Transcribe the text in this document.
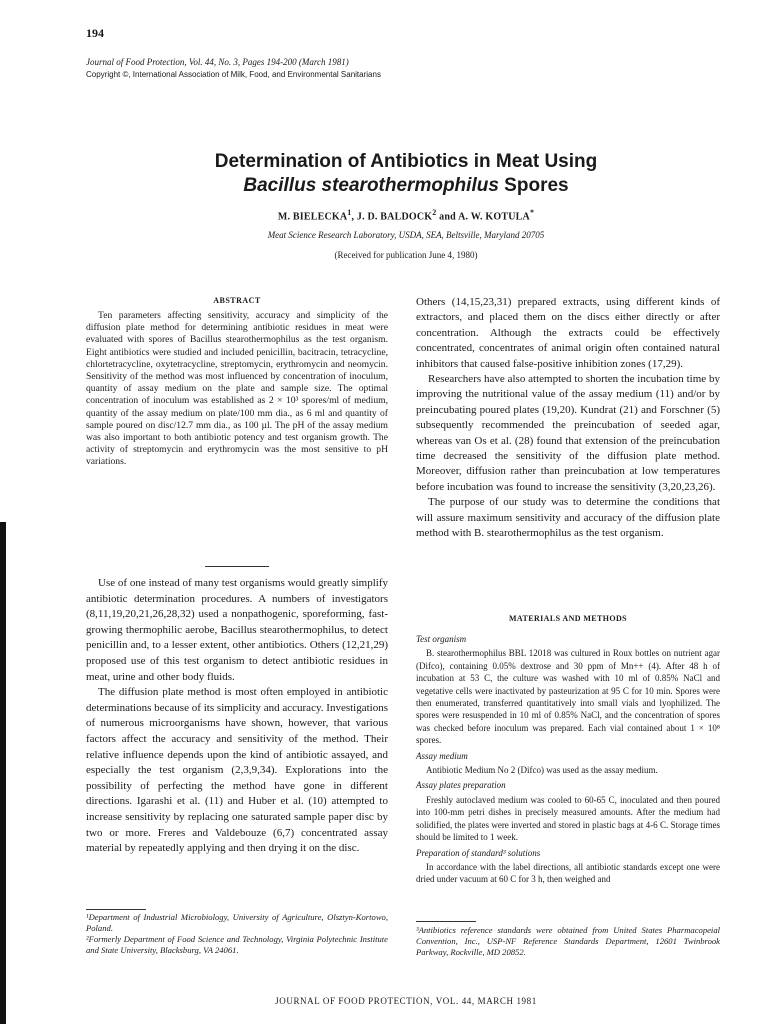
194
Journal of Food Protection, Vol. 44, No. 3, Pages 194-200 (March 1981)
Copyright ©, International Association of Milk, Food, and Environmental Sanitarians
Determination of Antibiotics in Meat Using
Bacillus stearothermophilus Spores
M. BIELECKA$^1$, J. D. BALDOCK$^2$ and A. W. KOTULA*
Meat Science Research Laboratory, USDA, SEA, Beltsville, Maryland 20705
(Received for publication June 4, 1980)
ABSTRACT
Ten parameters affecting sensitivity, accuracy and simplicity of the diffusion plate method for determining antibiotic residues in meat were evaluated with spores of Bacillus stearothermophilus as the test organism. Eight antibiotics were studied and included penicillin, bacitracin, tetracycline, chlortetracycline, oxytetracycline, streptomycin, erythromycin and neomycin. Sensitivity of the method was most influenced by concentration of inoculum, quantity of assay medium on the plate and sample size. The optimal concentration of inoculum was established as 2 × 10³ spores/ml of medium, quantity of the assay medium on plate/100 mm dia., as 6 ml and quantity of sample poured on disc/12.7 mm dia., as 100 µl. The pH of the assay medium was also important to both antibiotic potency and test organism growth. The activity of streptomycin and erythromycin was the most sensitive to pH variations.

Use of one instead of many test organisms would greatly simplify antibiotic determination procedures. A numbers of investigators (8,11,19,20,21,26,28,32) used a nonpathogenic, sporeforming, fast-growing thermophilic aerobe, Bacillus stearothermophilus, to detect penicillin and, to a lesser extent, other antibiotics. Others (12,21,29) proposed use of this test organism to detect antibiotic residues in meat, urine and other body fluids.

The diffusion plate method is most often employed in antibiotic determinations because of its simplicity and accuracy. Investigations of numerous microorganisms have shown, however, that various factors affect the accuracy and sensitivity of the method. Their relative influence depends upon the kind of antibiotic assayed, and especially the test organism (2,3,9,34). Explorations into the possibility of perfecting the method have gone in different directions. Igarashi et al. (11) and Huber et al. (10) attempted to increase sensitivity by replacing one saturated sample paper disc by two or more. Freres and Valdebouze (6,7) concentrated assay material by repeatedly applying and then drying it on the disc.

Others (14,15,23,31) prepared extracts, using different kinds of extractors, and placed them on the discs either directly or after concentration. Although the extracts could be effectively concentrated, concentrates of animal origin often contained natural inhibitors that caused false-positive inhibition zones (17,29).

Researchers have also attempted to shorten the incubation time by improving the nutritional value of the assay medium (11) and/or by preincubating poured plates (19,20). Kundrat (21) and Forschner (5) subsequently recommended the preincubation of seeded agar, whereas van Os et al. (28) found that extension of the preincubation time decreased the sensitivity of the diffusion plate method. Moreover, diffusion rather than preincubation at low temperatures before incubation was found to increase the sensitivity (3,20,23,26).

The purpose of our study was to determine the conditions that will assure maximum sensitivity and accuracy of the diffusion plate method with B. stearothermophilus as the test organism.

MATERIALS AND METHODS
Test organism

B. stearothermophilus BBL 12018 was cultured in Roux bottles on nutrient agar (Difco), containing 0.05% dextrose and 30 ppm of Mn++ (4). After 48 h of incubation at 53 C, the culture was washed with 10 ml of 0.85% NaCl and vegetative cells were inactivated by pasteurization at 95 C for 10 min. Spores were then enumerated, transferred quantitatively into small vials and lyophilized. The spores were resuspended in 10 ml of 0.85% NaCl, and the concentration of spores was checked before inoculum was prepared. Each vial contained about 1 × 10⁸ spores.

Assay medium

Antibiotic Medium No 2 (Difco) was used as the assay medium.

Assay plates preparation

Freshly autoclaved medium was cooled to 60-65 C, inoculated and then poured into 100-mm petri dishes in precisely measured amounts. After the medium had solidified, the plates were inverted and stored in plastic bags at 4-6 C. Storage times should be limited to 1 week.

Preparation of standard³ solutions

In accordance with the label directions, all antibiotic standards except one were dried under vacuum at 60 C for 3 h, then weighed and

¹Department of Industrial Microbiology, University of Agriculture, Olsztyn-Kortowo, Poland.

²Formerly Department of Food Science and Technology, Virginia Polytechnic Institute and State University, Blacksburg, VA 24061.

³Antibiotics reference standards were obtained from United States Pharmacopeial Convention, Inc., USP-NF Reference Standards Department, 12601 Twinbrook Parkway, Rockville, MD 20852.

JOURNAL OF FOOD PROTECTION, VOL. 44, MARCH 1981
